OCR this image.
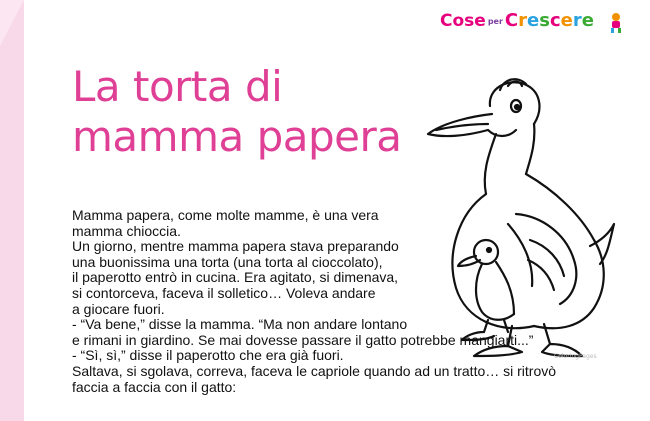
Cose per Crescere
La torta di
mamma papera
ColoringPages

Mamma papera, come molte mamme, è una vera

mamma chioccia.

Un giorno, mentre mamma papera stava preparando

una buonissima una torta (una torta al cioccolato),

il paperotto entrò in cucina. Era agitato, si dimenava,

si contorceva, faceva il solletico… Voleva andare

a giocare fuori.

- “Va bene,” disse la mamma. “Ma non andare lontano

e rimani in giardino. Se mai dovesse passare il gatto potrebbe mangiarti...”

- “Sì, sì,” disse il paperotto che era già fuori.

Saltava, si sgolava, correva, faceva le capriole quando ad un tratto… si ritrovò

faccia a faccia con il gatto:
